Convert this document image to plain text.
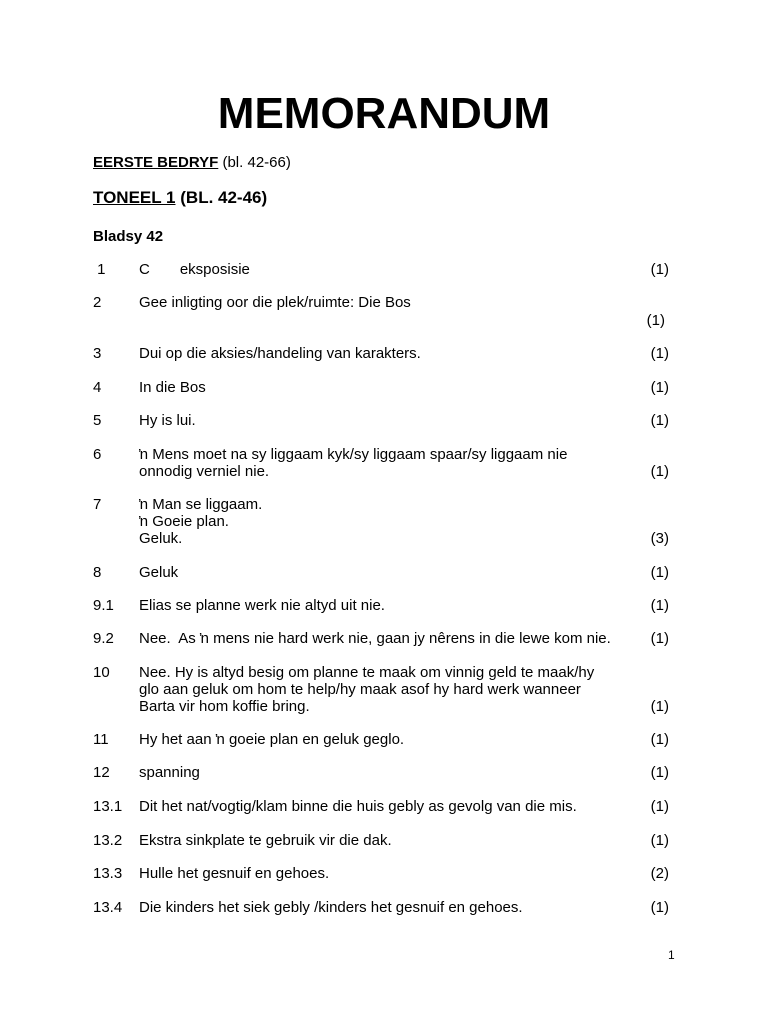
MEMORANDUM
EERSTE BEDRYF (bl. 42-66)
TONEEL 1 (BL. 42-46)
Bladsy 42
1 C eksposisie	(1)
2	Gee inligting oor die plek/ruimte: Die Bos
(1)
3	Dui op die aksies/handeling van karakters.	(1)
4	In die Bos	(1)
5	Hy is lui.	(1)
6	ŉ Mens moet na sy liggaam kyk/sy liggaam spaar/sy liggaam nie
onnodig verniel nie.	(1)
7	ŉ Man se liggaam.
ŉ Goeie plan.
Geluk.	(3)
8	Geluk	(1)
9.1 Elias se planne werk nie altyd uit nie.	(1)
9.2 Nee.  As ŉ mens nie hard werk nie, gaan jy nêrens in die lewe kom nie.	(1)
10 Nee. Hy is altyd besig om planne te maak om vinnig geld te maak/hy
glo aan geluk om hom te help/hy maak asof hy hard werk wanneer
Barta vir hom koffie bring.	(1)
11 Hy het aan ŉ goeie plan en geluk geglo.	(1)
12 spanning	(1)
13.1 Dit het nat/vogtig/klam binne die huis gebly as gevolg van die mis.	(1)
13.2 Ekstra sinkplate te gebruik vir die dak.	(1)
13.3 Hulle het gesnuif en gehoes.	(2)
13.4 Die kinders het siek gebly /kinders het gesnuif en gehoes.	(1)
1
